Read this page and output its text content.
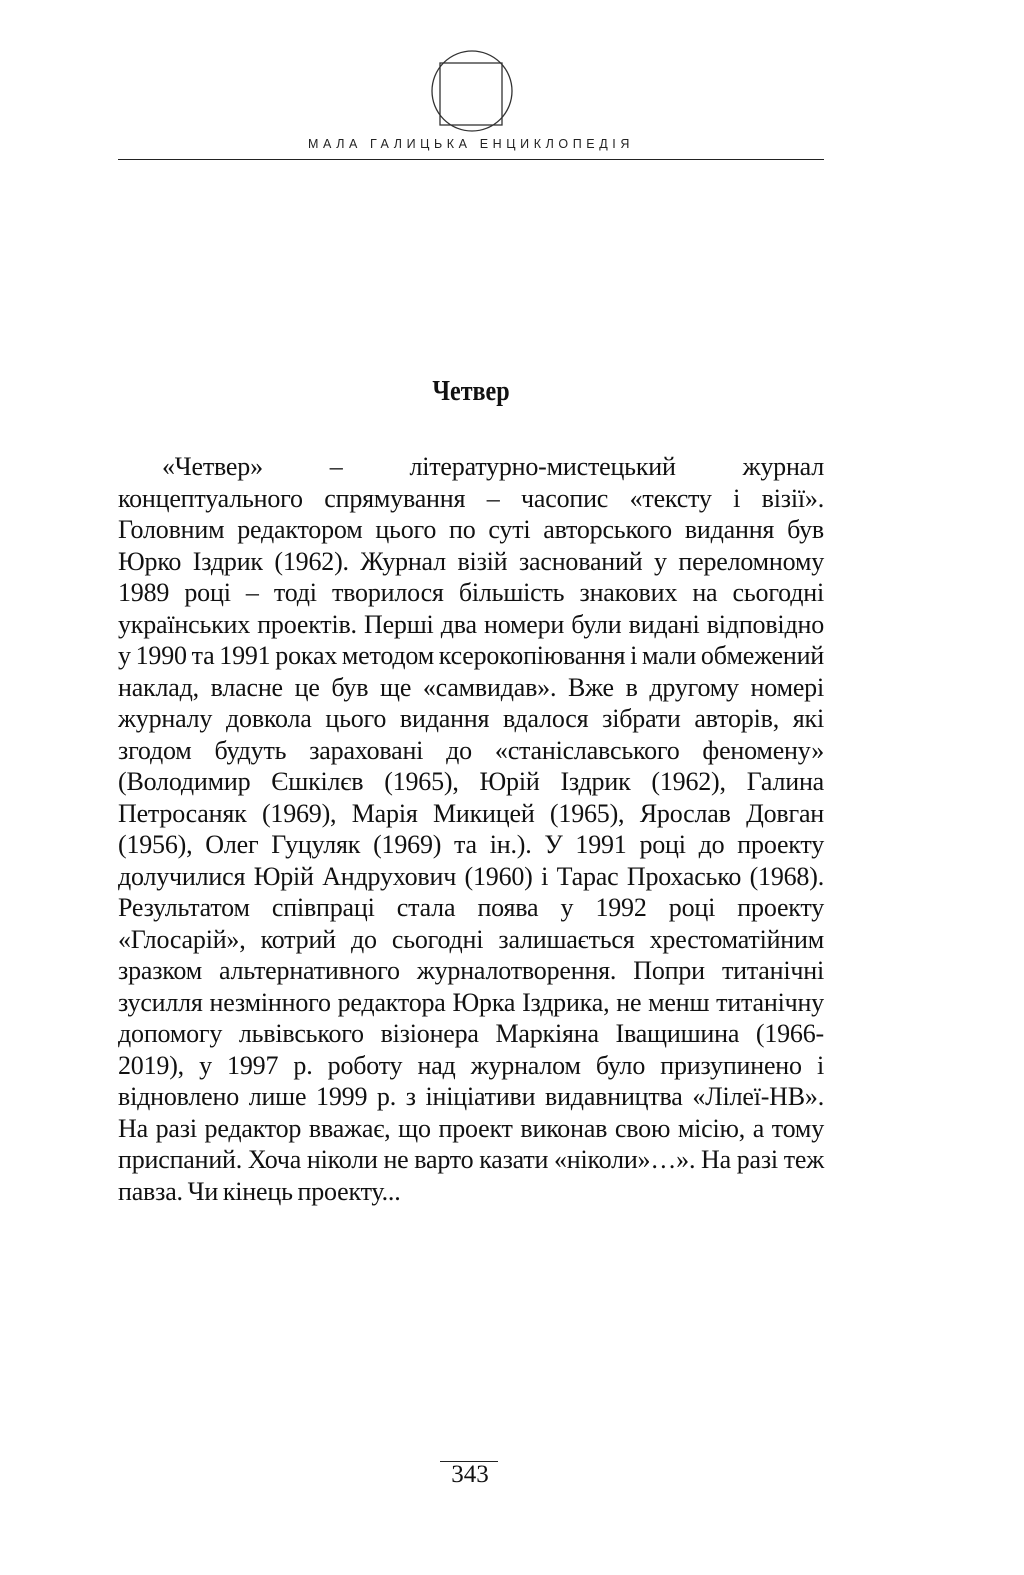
МАЛА ГАЛИЦЬКА ЕНЦИКЛОПЕДІЯ
Четвер

«Четвер» – літературно-мистецький журнал концептуального спрямування – часопис «тексту і візії». Головним редактором цього по суті авторського видання був Юрко Іздрик (1962). Журнал візій заснований у переломному 1989 році – тоді творилося більшість знакових на сьогодні українських проектів. Перші два номери були видані відповідно у 1990 та 1991 роках методом ксерокопіювання і мали обмежений наклад, власне це був ще «самвидав». Вже в другому номері журналу довкола цього видання вдалося зібрати авторів, які згодом будуть зараховані до «станіславського феномену» (Володимир Єшкілєв (1965), Юрій Іздрик (1962), Галина Петросаняк (1969), Марія Микицей (1965), Ярослав Довган (1956), Олег Гуцуляк (1969) та ін.). У 1991 році до проекту долучилися Юрій Андрухович (1960) і Тарас Прохасько (1968). Результатом співпраці стала поява у 1992 році проекту «Глосарій», котрий до сьогодні залишається хрестоматійним зразком альтернативного журналотворення. Попри титанічні зусилля незмінного редактора Юрка Іздрика, не менш титанічну допомогу львівського візіонера Маркіяна Іващишина (1966-2019), у 1997 р. роботу над журналом було призупинено і відновлено лише 1999 р. з ініціативи видавництва «Лілеї-НВ». На разі редактор вважає, що проект виконав свою місію, а тому приспаний. Хоча ніколи не варто казати «ніколи»…». На разі теж павза. Чи кінець проекту...

343
